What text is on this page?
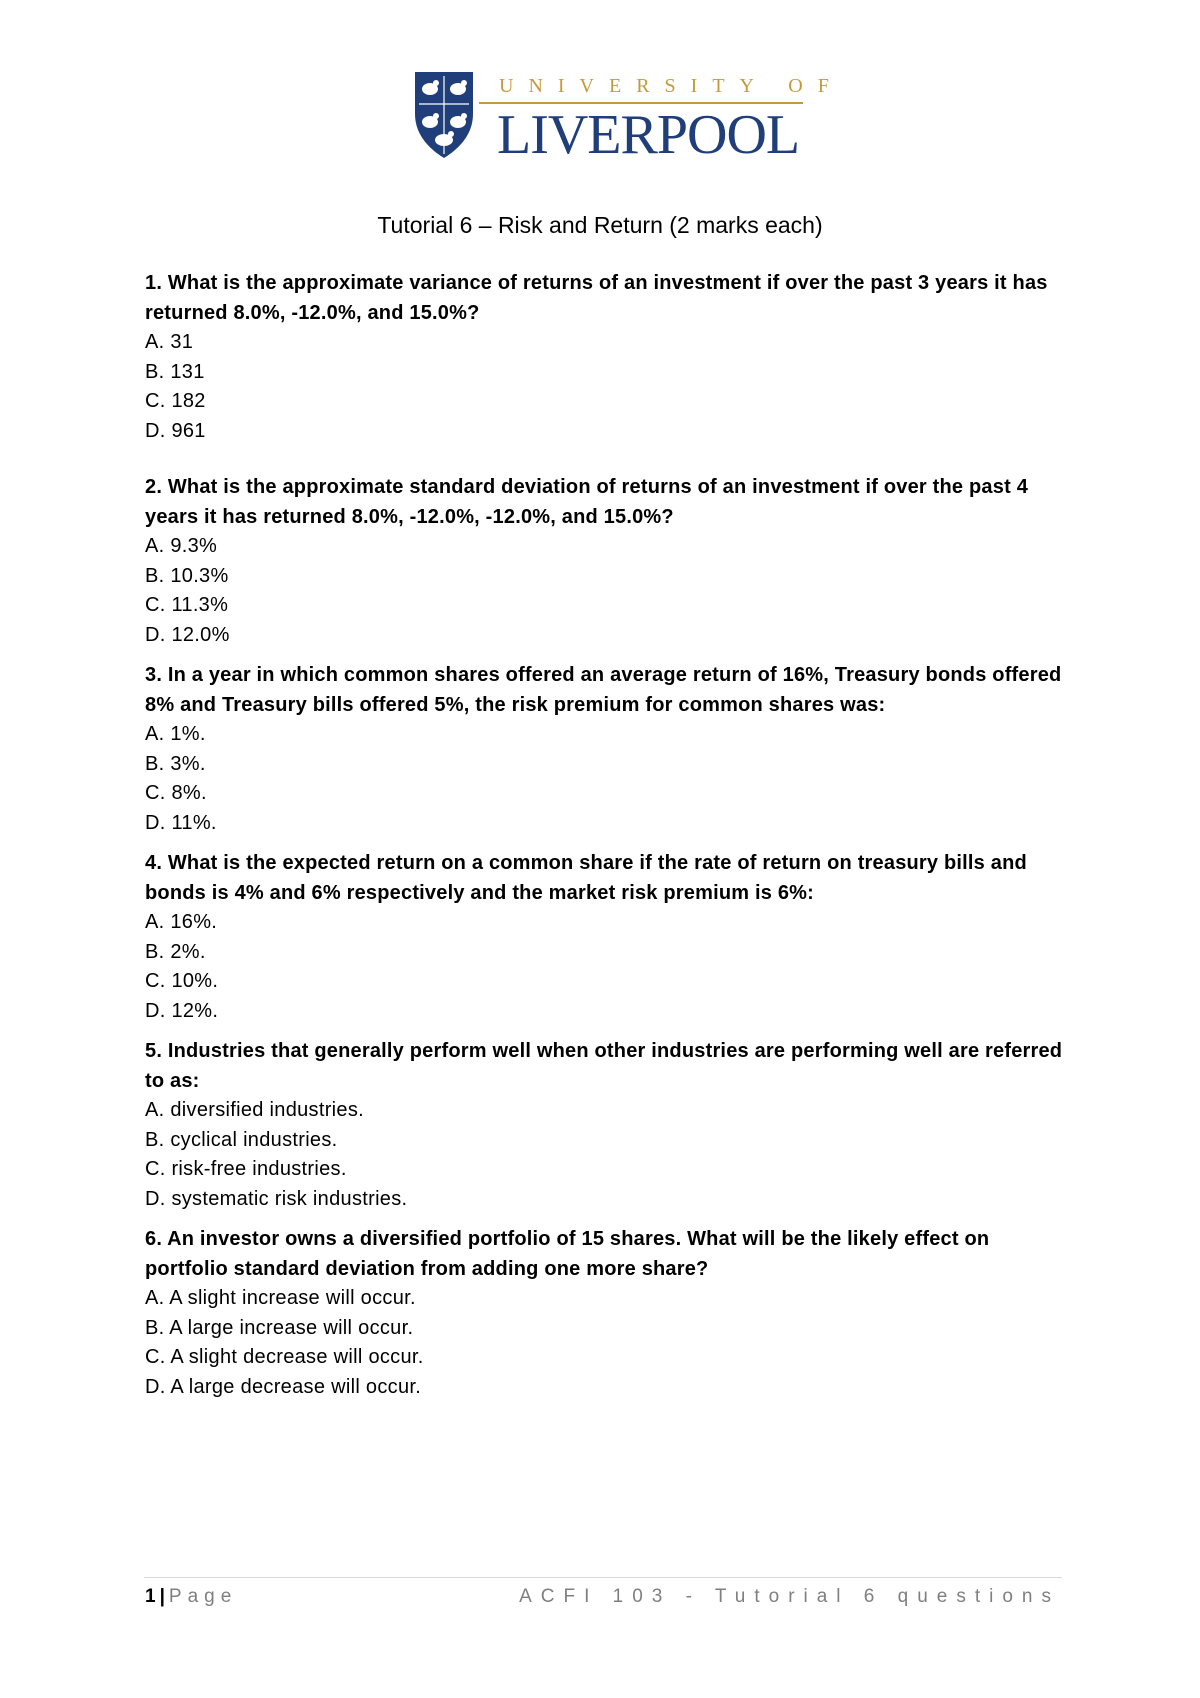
UNIVERSITY OF
LIVERPOOL
Tutorial 6 – Risk and Return (2 marks each)

1. What is the approximate variance of returns of an investment if over the past 3 years it has returned 8.0%, -12.0%, and 15.0%?

A. 31
B. 131
C. 182
D. 961

2. What is the approximate standard deviation of returns of an investment if over the past 4 years it has returned 8.0%, -12.0%, -12.0%, and 15.0%?

A. 9.3%
B. 10.3%
C. 11.3%
D. 12.0%

3. In a year in which common shares offered an average return of 16%, Treasury bonds offered 8% and Treasury bills offered 5%, the risk premium for common shares was:

A. 1%.
B. 3%.
C. 8%.
D. 11%.

4. What is the expected return on a common share if the rate of return on treasury bills and bonds is 4% and 6% respectively and the market risk premium is 6%:

A. 16%.
B. 2%.
C. 10%.
D. 12%.

5. Industries that generally perform well when other industries are performing well are referred to as:

A. diversified industries.
B. cyclical industries.
C. risk-free industries.
D. systematic risk industries.

6. An investor owns a diversified portfolio of 15 shares. What will be the likely effect on portfolio standard deviation from adding one more share?

A. A slight increase will occur.
B. A large increase will occur.
C. A slight decrease will occur.
D. A large decrease will occur.
1 | Page	ACFI 103 - Tutorial 6 questions
